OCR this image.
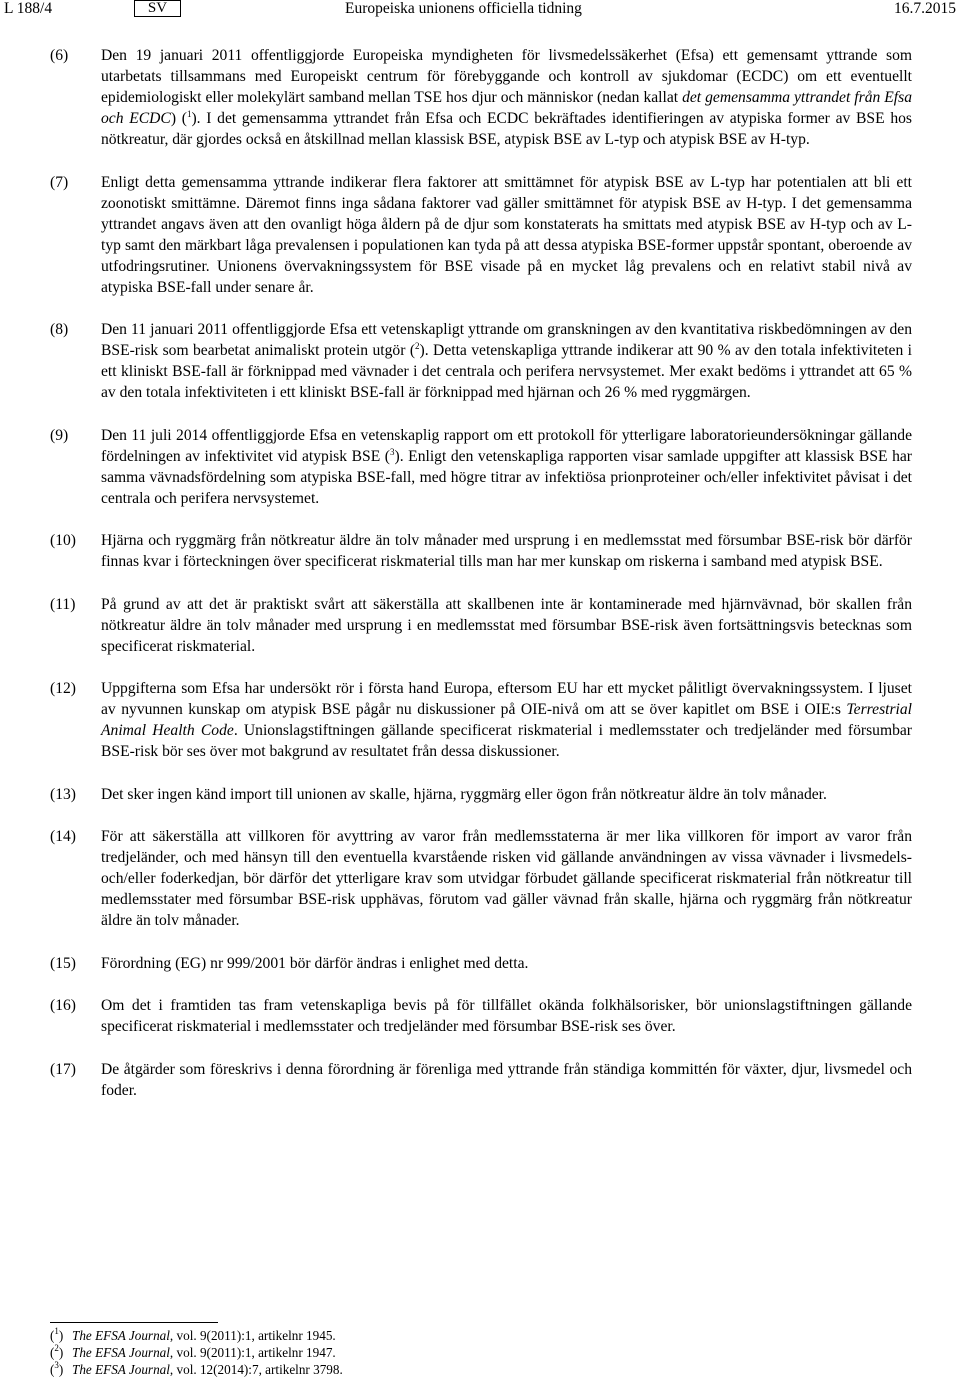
L 188/4	SV	Europeiska unionens officiella tidning	16.7.2015
(6) Den 19 januari 2011 offentliggjorde Europeiska myndigheten för livsmedelssäkerhet (Efsa) ett gemensamt yttrande som utarbetats tillsammans med Europeiskt centrum för förebyggande och kontroll av sjukdomar (ECDC) om ett eventuellt epidemiologiskt eller molekylärt samband mellan TSE hos djur och människor (nedan kallat det gemensamma yttrandet från Efsa och ECDC) ($^1$). I det gemensamma yttrandet från Efsa och ECDC bekräftades identifieringen av atypiska former av BSE hos nötkreatur, där gjordes också en åtskillnad mellan klassisk BSE, atypisk BSE av L-typ och atypisk BSE av H-typ.
(7) Enligt detta gemensamma yttrande indikerar flera faktorer att smittämnet för atypisk BSE av L-typ har potentialen att bli ett zoonotiskt smittämne. Däremot finns inga sådana faktorer vad gäller smittämnet för atypisk BSE av H-typ. I det gemensamma yttrandet angavs även att den ovanligt höga åldern på de djur som konstaterats ha smittats med atypisk BSE av H-typ och av L-typ samt den märkbart låga prevalensen i populationen kan tyda på att dessa atypiska BSE-former uppstår spontant, oberoende av utfodringsrutiner. Unionens övervakningssystem för BSE visade på en mycket låg prevalens och en relativt stabil nivå av atypiska BSE-fall under senare år.
(8) Den 11 januari 2011 offentliggjorde Efsa ett vetenskapligt yttrande om granskningen av den kvantitativa riskbedömningen av den BSE-risk som bearbetat animaliskt protein utgör ($^2$). Detta vetenskapliga yttrande indikerar att 90 % av den totala infektiviteten i ett kliniskt BSE-fall är förknippad med vävnader i det centrala och perifera nervsystemet. Mer exakt bedöms i yttrandet att 65 % av den totala infektiviteten i ett kliniskt BSE-fall är förknippad med hjärnan och 26 % med ryggmärgen.
(9) Den 11 juli 2014 offentliggjorde Efsa en vetenskaplig rapport om ett protokoll för ytterligare laboratorieundersökningar gällande fördelningen av infektivitet vid atypisk BSE ($^3$). Enligt den vetenskapliga rapporten visar samlade uppgifter att klassisk BSE har samma vävnadsfördelning som atypiska BSE-fall, med högre titrar av infektiösa prionproteiner och/eller infektivitet påvisat i det centrala och perifera nervsystemet.
(10) Hjärna och ryggmärg från nötkreatur äldre än tolv månader med ursprung i en medlemsstat med försumbar BSE-risk bör därför finnas kvar i förteckningen över specificerat riskmaterial tills man har mer kunskap om riskerna i samband med atypisk BSE.
(11) På grund av att det är praktiskt svårt att säkerställa att skallbenen inte är kontaminerade med hjärnvävnad, bör skallen från nötkreatur äldre än tolv månader med ursprung i en medlemsstat med försumbar BSE-risk även fortsättningsvis betecknas som specificerat riskmaterial.
(12) Uppgifterna som Efsa har undersökt rör i första hand Europa, eftersom EU har ett mycket pålitligt övervakningssystem. I ljuset av nyvunnen kunskap om atypisk BSE pågår nu diskussioner på OIE-nivå om att se över kapitlet om BSE i OIE:s Terrestrial Animal Health Code. Unionslagstiftningen gällande specificerat riskmaterial i medlemsstater och tredjeländer med försumbar BSE-risk bör ses över mot bakgrund av resultatet från dessa diskussioner.
(13) Det sker ingen känd import till unionen av skalle, hjärna, ryggmärg eller ögon från nötkreatur äldre än tolv månader.
(14) För att säkerställa att villkoren för avyttring av varor från medlemsstaterna är mer lika villkoren för import av varor från tredjeländer, och med hänsyn till den eventuella kvarstående risken vid gällande användningen av vissa vävnader i livsmedels- och/eller foderkedjan, bör därför det ytterligare krav som utvidgar förbudet gällande specificerat riskmaterial från nötkreatur till medlemsstater med försumbar BSE-risk upphävas, förutom vad gäller vävnad från skalle, hjärna och ryggmärg från nötkreatur äldre än tolv månader.
(15) Förordning (EG) nr 999/2001 bör därför ändras i enlighet med detta.
(16) Om det i framtiden tas fram vetenskapliga bevis på för tillfället okända folkhälsorisker, bör unionslagstiftningen gällande specificerat riskmaterial i medlemsstater och tredjeländer med försumbar BSE-risk ses över.
(17) De åtgärder som föreskrivs i denna förordning är förenliga med yttrande från ständiga kommittén för växter, djur, livsmedel och foder.
($^1$) The EFSA Journal, vol. 9(2011):1, artikelnr 1945.
($^2$) The EFSA Journal, vol. 9(2011):1, artikelnr 1947.
($^3$) The EFSA Journal, vol. 12(2014):7, artikelnr 3798.
